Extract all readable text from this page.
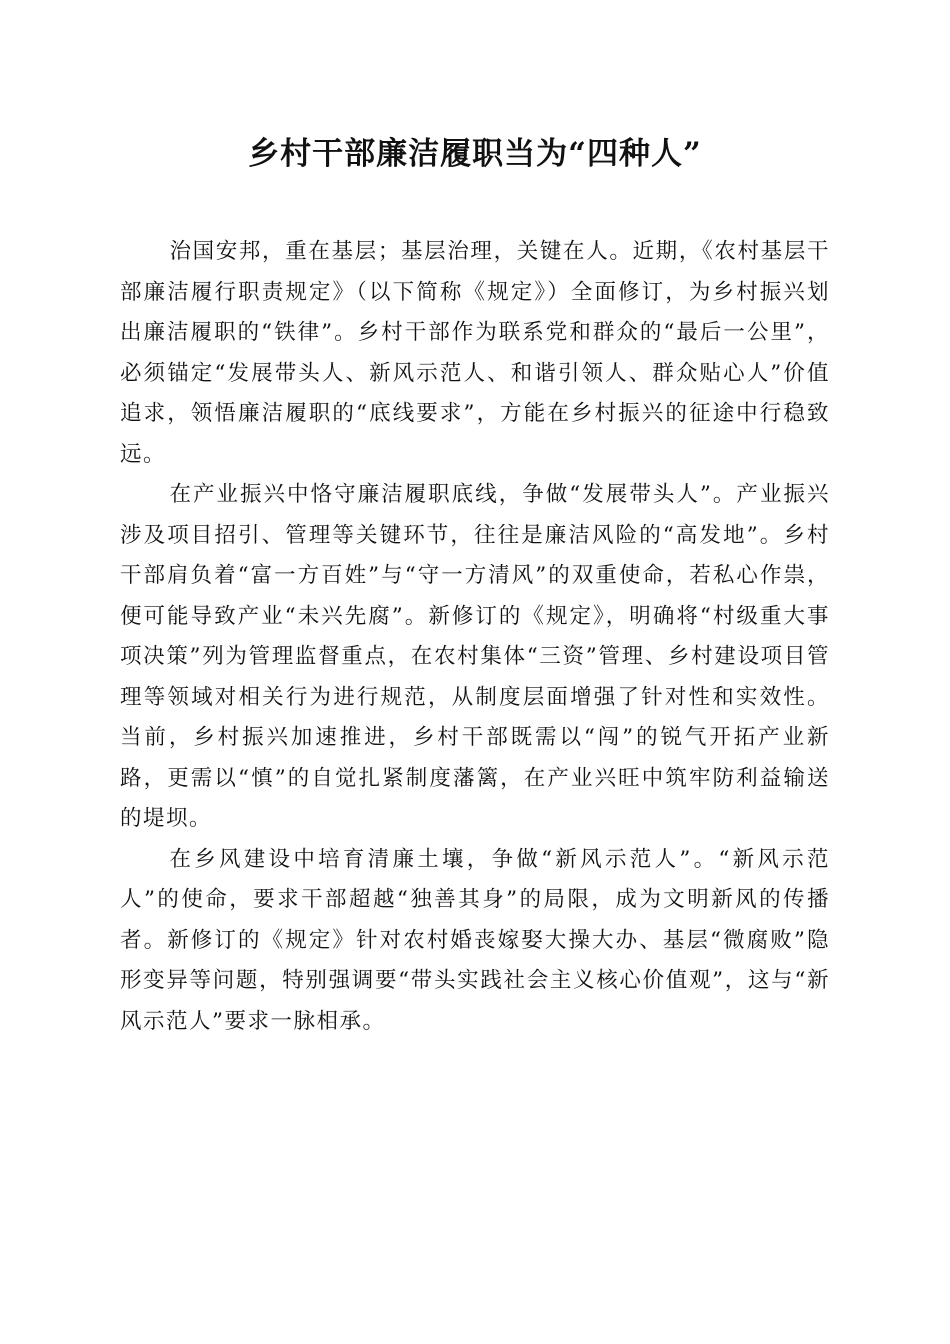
乡村干部廉洁履职当为“四种人”

治国安邦，重在基层；基层治理，关键在人。近期，《农村基层干部廉洁履行职责规定》（以下简称《规定》）全面修订，为乡村振兴划出廉洁履职的“铁律”。乡村干部作为联系党和群众的“最后一公里”，必须锚定“发展带头人、新风示范人、和谐引领人、群众贴心人”价值追求，领悟廉洁履职的“底线要求”，方能在乡村振兴的征途中行稳致远。

在产业振兴中恪守廉洁履职底线，争做“发展带头人”。产业振兴涉及项目招引、管理等关键环节，往往是廉洁风险的“高发地”。乡村干部肩负着“富一方百姓”与“守一方清风”的双重使命，若私心作祟，便可能导致产业“未兴先腐”。新修订的《规定》，明确将“村级重大事项决策”列为管理监督重点，在农村集体“三资”管理、乡村建设项目管理等领域对相关行为进行规范，从制度层面增强了针对性和实效性。当前，乡村振兴加速推进，乡村干部既需以“闯”的锐气开拓产业新路，更需以“慎”的自觉扎紧制度藩篱，在产业兴旺中筑牢防利益输送的堤坝。

在乡风建设中培育清廉土壤，争做“新风示范人”。“新风示范人”的使命，要求干部超越“独善其身”的局限，成为文明新风的传播者。新修订的《规定》针对农村婚丧嫁娶大操大办、基层“微腐败”隐形变异等问题，特别强调要“带头实践社会主义核心价值观”，这与“新风示范人”要求一脉相承。
